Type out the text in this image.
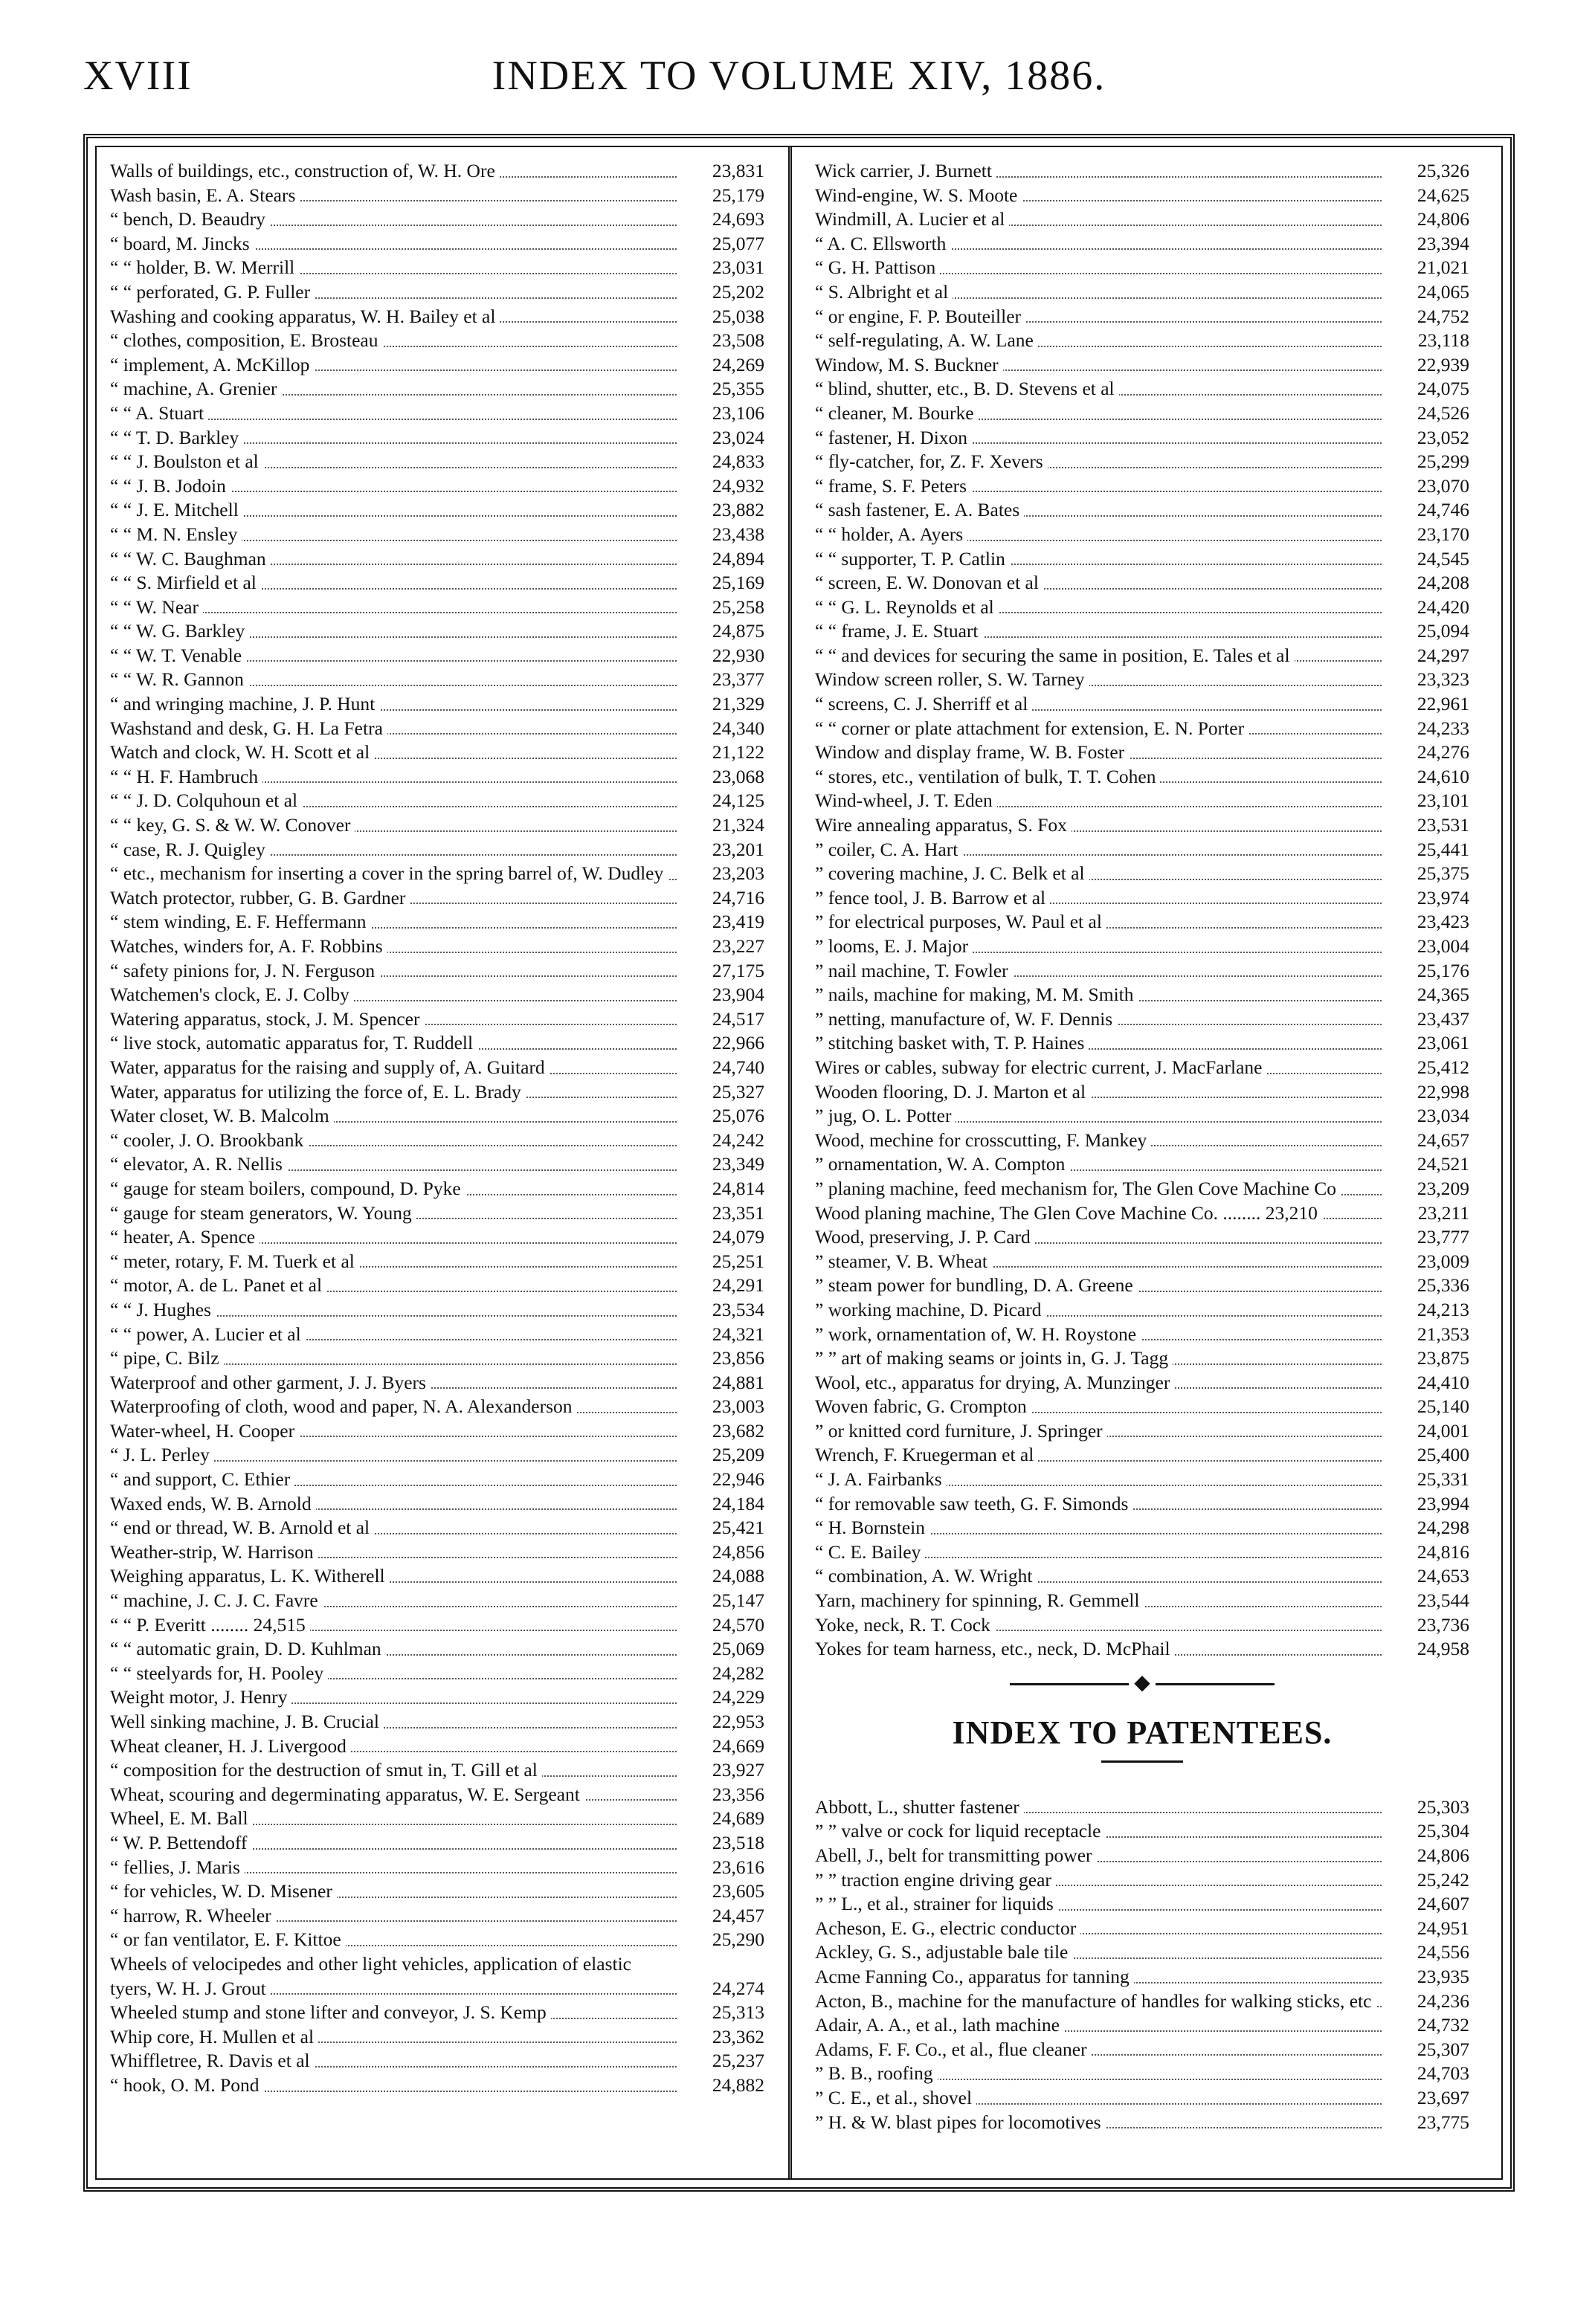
XVIII	INDEX TO VOLUME XIV, 1886.
Walls of buildings, etc., construction of, W. H. Ore	23,831
Wash basin, E. A. Stears	25,179
“ bench, D. Beaudry	24,693
“ board, M. Jincks	25,077
“ “ holder, B. W. Merrill	23,031
“ “ perforated, G. P. Fuller	25,202
Washing and cooking apparatus, W. H. Bailey et al	25,038
“ clothes, composition, E. Brosteau	23,508
“ implement, A. McKillop	24,269
“ machine, A. Grenier	25,355
“ “ A. Stuart	23,106
“ “ T. D. Barkley	23,024
“ “ J. Boulston et al	24,833
“ “ J. B. Jodoin	24,932
“ “ J. E. Mitchell	23,882
“ “ M. N. Ensley	23,438
“ “ W. C. Baughman	24,894
“ “ S. Mirfield et al	25,169
“ “ W. Near	25,258
“ “ W. G. Barkley	24,875
“ “ W. T. Venable	22,930
“ “ W. R. Gannon	23,377
“ and wringing machine, J. P. Hunt	21,329
Washstand and desk, G. H. La Fetra	24,340
Watch and clock, W. H. Scott et al	21,122
“ “ H. F. Hambruch	23,068
“ “ J. D. Colquhoun et al	24,125
“ “ key, G. S. & W. W. Conover	21,324
“ case, R. J. Quigley	23,201
“ etc., mechanism for inserting a cover in the spring barrel of, W. Dudley	23,203
Watch protector, rubber, G. B. Gardner	24,716
“ stem winding, E. F. Heffermann	23,419
Watches, winders for, A. F. Robbins	23,227
“ safety pinions for, J. N. Ferguson	27,175
Watchemen's clock, E. J. Colby	23,904
Watering apparatus, stock, J. M. Spencer	24,517
“ live stock, automatic apparatus for, T. Ruddell	22,966
Water, apparatus for the raising and supply of, A. Guitard	24,740
Water, apparatus for utilizing the force of, E. L. Brady	25,327
Water closet, W. B. Malcolm	25,076
“ cooler, J. O. Brookbank	24,242
“ elevator, A. R. Nellis	23,349
“ gauge for steam boilers, compound, D. Pyke	24,814
“ gauge for steam generators, W. Young	23,351
“ heater, A. Spence	24,079
“ meter, rotary, F. M. Tuerk et al	25,251
“ motor, A. de L. Panet et al	24,291
“ “ J. Hughes	23,534
“ “ power, A. Lucier et al	24,321
“ pipe, C. Bilz	23,856
Waterproof and other garment, J. J. Byers	24,881
Waterproofing of cloth, wood and paper, N. A. Alexanderson	23,003
Water-wheel, H. Cooper	23,682
“ J. L. Perley	25,209
“ and support, C. Ethier	22,946
Waxed ends, W. B. Arnold	24,184
“ end or thread, W. B. Arnold et al	25,421
Weather-strip, W. Harrison	24,856
Weighing apparatus, L. K. Witherell	24,088
“ machine, J. C. J. C. Favre	25,147
“ “ P. Everitt ........ 24,515	24,570
“ “ automatic grain, D. D. Kuhlman	25,069
“ “ steelyards for, H. Pooley	24,282
Weight motor, J. Henry	24,229
Well sinking machine, J. B. Crucial	22,953
Wheat cleaner, H. J. Livergood	24,669
“ composition for the destruction of smut in, T. Gill et al	23,927
Wheat, scouring and degerminating apparatus, W. E. Sergeant	23,356
Wheel, E. M. Ball	24,689
“ W. P. Bettendoff	23,518
“ fellies, J. Maris	23,616
“ for vehicles, W. D. Misener	23,605
“ harrow, R. Wheeler	24,457
“ or fan ventilator, E. F. Kittoe	25,290
Wheels of velocipedes and other light vehicles, application of elastic tyers, W. H. J. Grout	24,274
Wheeled stump and stone lifter and conveyor, J. S. Kemp	25,313
Whip core, H. Mullen et al	23,362
Whiffletree, R. Davis et al	25,237
“ hook, O. M. Pond	24,882
Wick carrier, J. Burnett	25,326
Wind-engine, W. S. Moote	24,625
Windmill, A. Lucier et al	24,806
“ A. C. Ellsworth	23,394
“ G. H. Pattison	21,021
“ S. Albright et al	24,065
“ or engine, F. P. Bouteiller	24,752
“ self-regulating, A. W. Lane	23,118
Window, M. S. Buckner	22,939
“ blind, shutter, etc., B. D. Stevens et al	24,075
“ cleaner, M. Bourke	24,526
“ fastener, H. Dixon	23,052
“ fly-catcher, for, Z. F. Xevers	25,299
“ frame, S. F. Peters	23,070
“ sash fastener, E. A. Bates	24,746
“ “ holder, A. Ayers	23,170
“ “ supporter, T. P. Catlin	24,545
“ screen, E. W. Donovan et al	24,208
“ “ G. L. Reynolds et al	24,420
“ “ frame, J. E. Stuart	25,094
“ “ and devices for securing the same in position, E. Tales et al	24,297
Window screen roller, S. W. Tarney	23,323
“ screens, C. J. Sherriff et al	22,961
“ “ corner or plate attachment for extension, E. N. Porter	24,233
Window and display frame, W. B. Foster	24,276
“ stores, etc., ventilation of bulk, T. T. Cohen	24,610
Wind-wheel, J. T. Eden	23,101
Wire annealing apparatus, S. Fox	23,531
” coiler, C. A. Hart	25,441
” covering machine, J. C. Belk et al	25,375
” fence tool, J. B. Barrow et al	23,974
” for electrical purposes, W. Paul et al	23,423
” looms, E. J. Major	23,004
” nail machine, T. Fowler	25,176
” nails, machine for making, M. M. Smith	24,365
” netting, manufacture of, W. F. Dennis	23,437
” stitching basket with, T. P. Haines	23,061
Wires or cables, subway for electric current, J. MacFarlane	25,412
Wooden flooring, D. J. Marton et al	22,998
” jug, O. L. Potter	23,034
Wood, mechine for crosscutting, F. Mankey	24,657
” ornamentation, W. A. Compton	24,521
” planing machine, feed mechanism for, The Glen Cove Machine Co	23,209
Wood planing machine, The Glen Cove Machine Co. ........ 23,210	23,211
Wood, preserving, J. P. Card	23,777
” steamer, V. B. Wheat	23,009
” steam power for bundling, D. A. Greene	25,336
” working machine, D. Picard	24,213
” work, ornamentation of, W. H. Roystone	21,353
” ” art of making seams or joints in, G. J. Tagg	23,875
Wool, etc., apparatus for drying, A. Munzinger	24,410
Woven fabric, G. Crompton	25,140
” or knitted cord furniture, J. Springer	24,001
Wrench, F. Kruegerman et al	25,400
“ J. A. Fairbanks	25,331
“ for removable saw teeth, G. F. Simonds	23,994
“ H. Bornstein	24,298
“ C. E. Bailey	24,816
“ combination, A. W. Wright	24,653
Yarn, machinery for spinning, R. Gemmell	23,544
Yoke, neck, R. T. Cock	23,736
Yokes for team harness, etc., neck, D. McPhail	24,958
◆
INDEX TO PATENTEES.
Abbott, L., shutter fastener	25,303
” ” valve or cock for liquid receptacle	25,304
Abell, J., belt for transmitting power	24,806
” ” traction engine driving gear	25,242
” ” L., et al., strainer for liquids	24,607
Acheson, E. G., electric conductor	24,951
Ackley, G. S., adjustable bale tile	24,556
Acme Fanning Co., apparatus for tanning	23,935
Acton, B., machine for the manufacture of handles for walking sticks, etc	24,236
Adair, A. A., et al., lath machine	24,732
Adams, F. F. Co., et al., flue cleaner	25,307
” B. B., roofing	24,703
” C. E., et al., shovel	23,697
” H. & W. blast pipes for locomotives	23,775
